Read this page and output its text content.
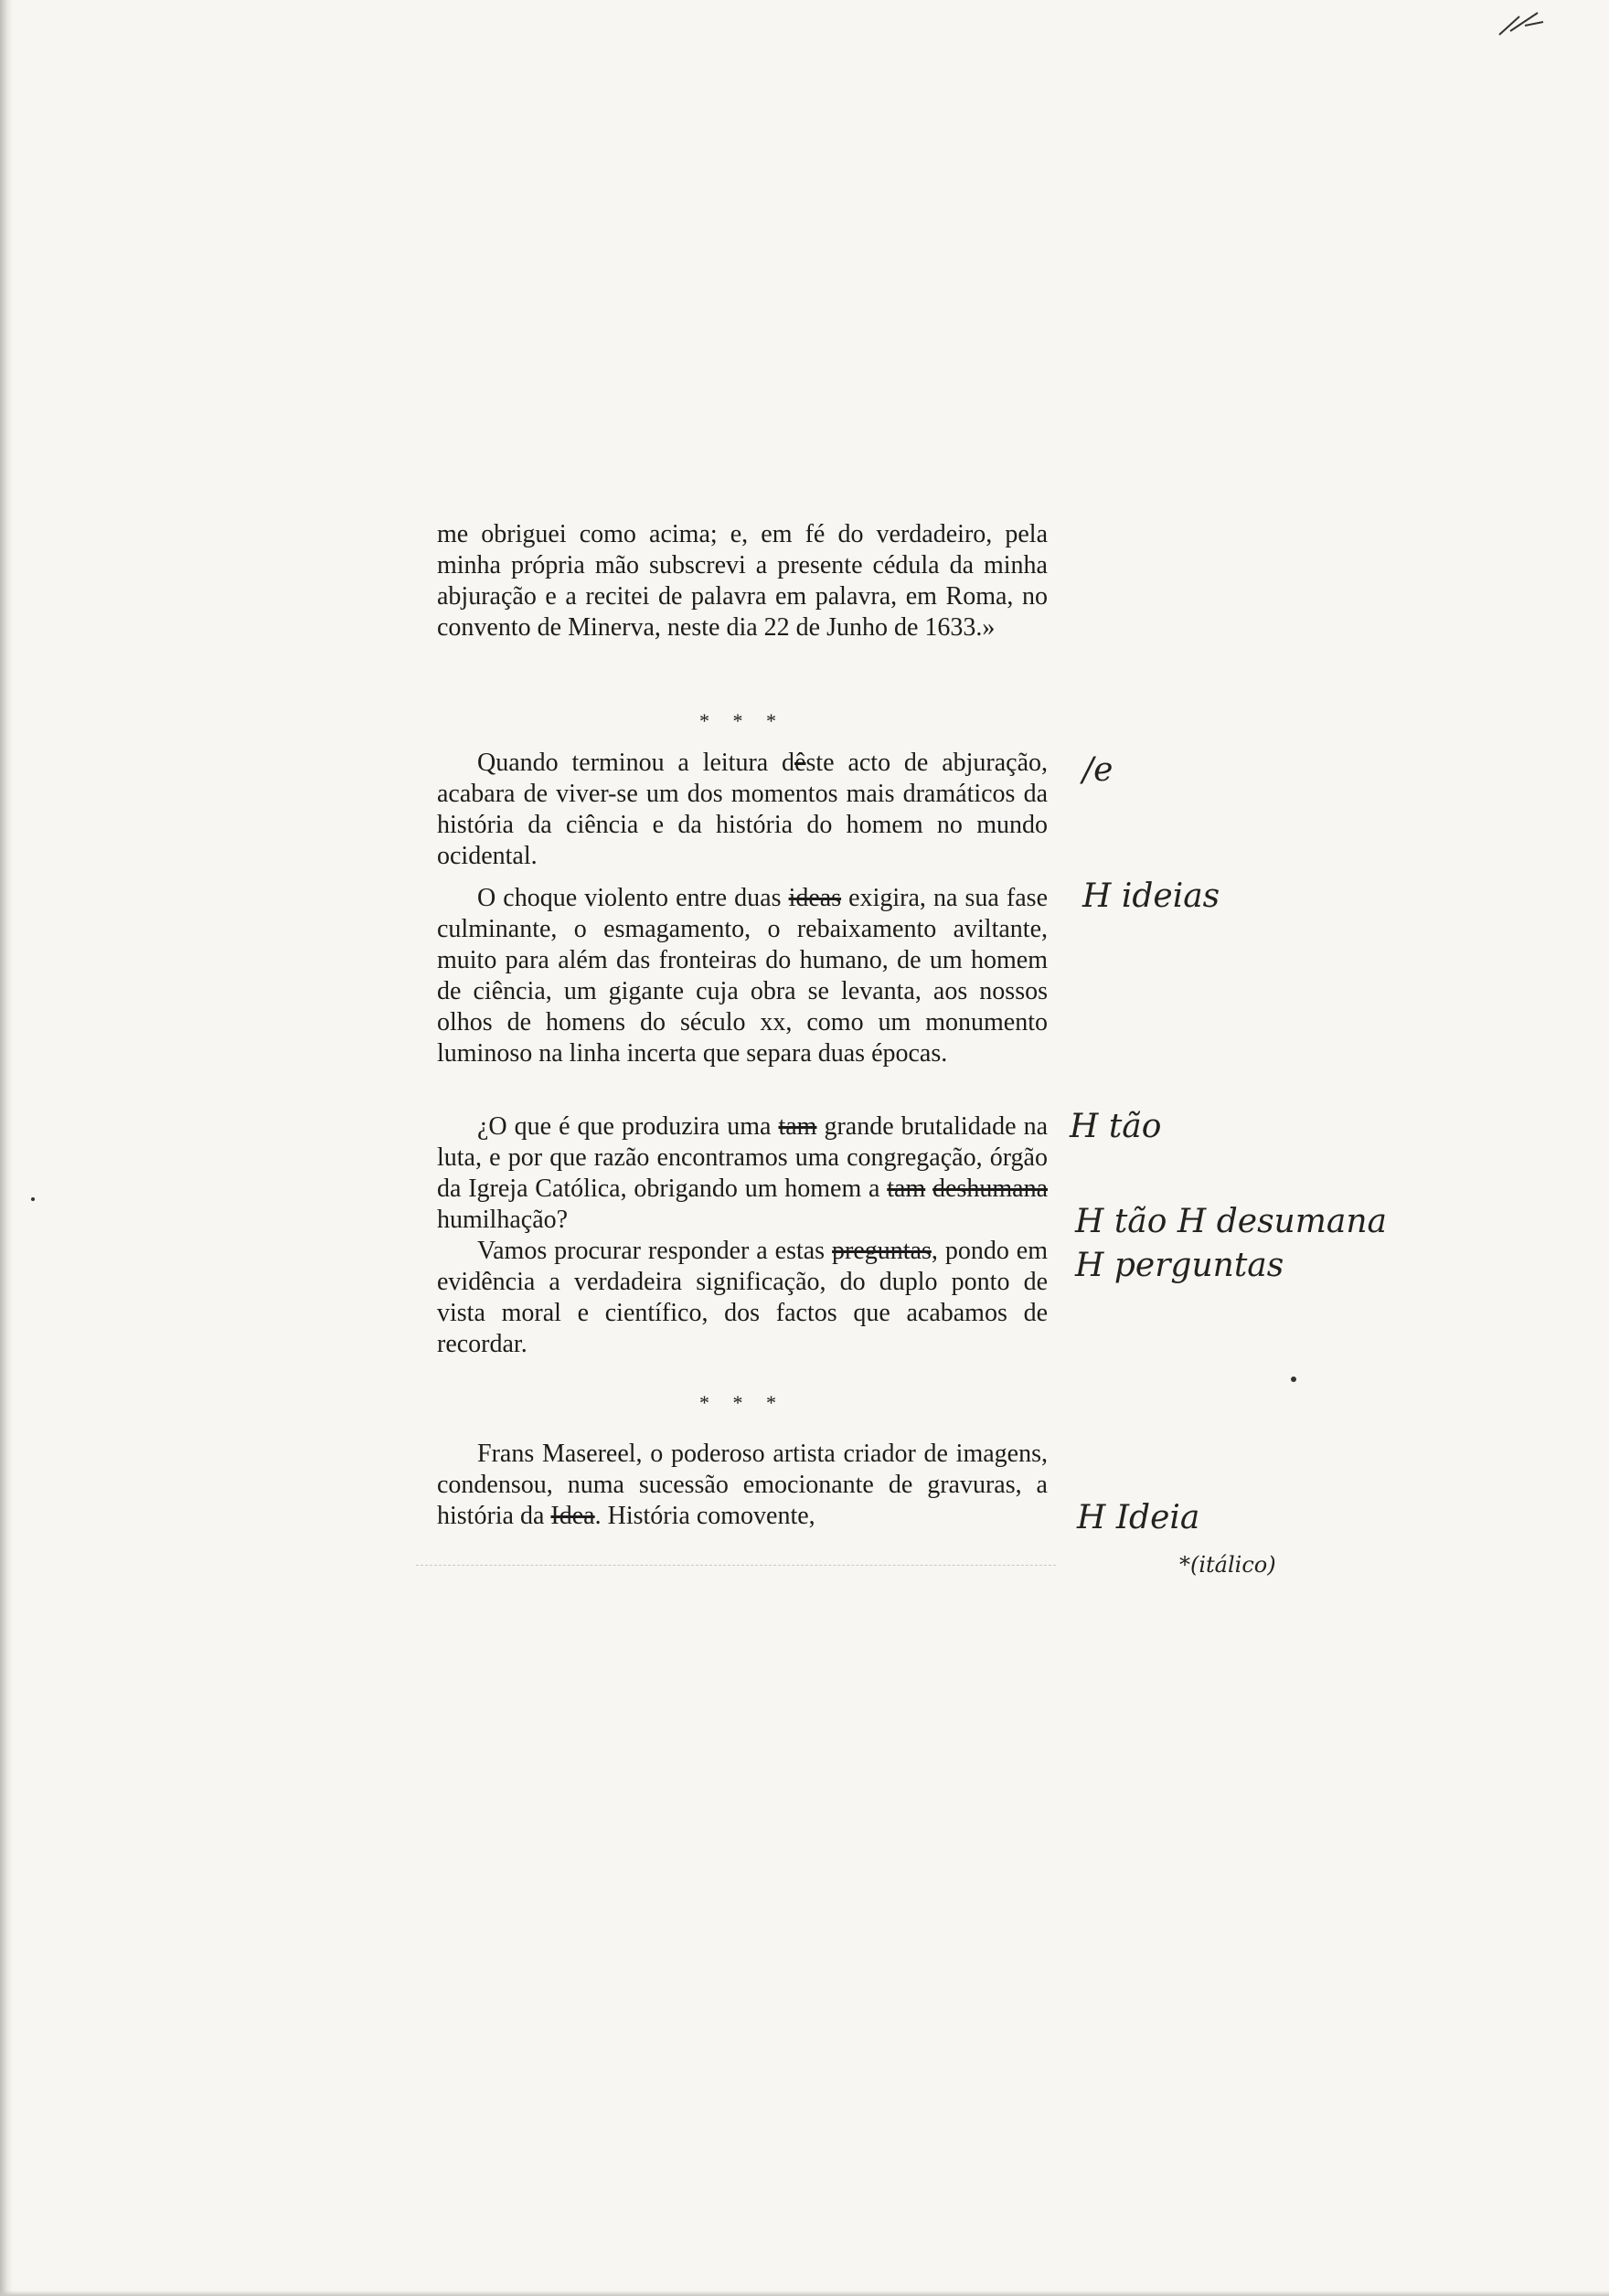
me obriguei como acima; e, em fé do verdadeiro, pela minha própria mão subscrevi a presente cédula da minha abjuração e a recitei de palavra em palavra, em Roma, no convento de Minerva, neste dia 22 de Junho de 1633.»

* * *

Quando terminou a leitura dêste acto de abjuração, acabara de viver-se um dos momentos mais dramáticos da história da ciência e da história do homem no mundo ocidental.

O choque violento entre duas ideas exigira, na sua fase culminante, o esmagamento, o rebaixamento aviltante, muito para além das fronteiras do humano, de um homem de ciência, um gigante cuja obra se levanta, aos nossos olhos de homens do século xx, como um monumento luminoso na linha incerta que separa duas épocas.

¿O que é que produzira uma tam grande brutalidade na luta, e por que razão encontramos uma congregação, órgão da Igreja Católica, obrigando um homem a tam deshumana humilhação?

Vamos procurar responder a estas preguntas, pondo em evidência a verdadeira significação, do duplo ponto de vista moral e científico, dos factos que acabamos de recordar.

* * *

Frans Masereel, o poderoso artista criador de imagens, condensou, numa sucessão emocionante de gravuras, a história da Idea. História comovente,

/e
H ideias
H tão
H tão H desumana
H perguntas
H Ideia
*(itálico)
